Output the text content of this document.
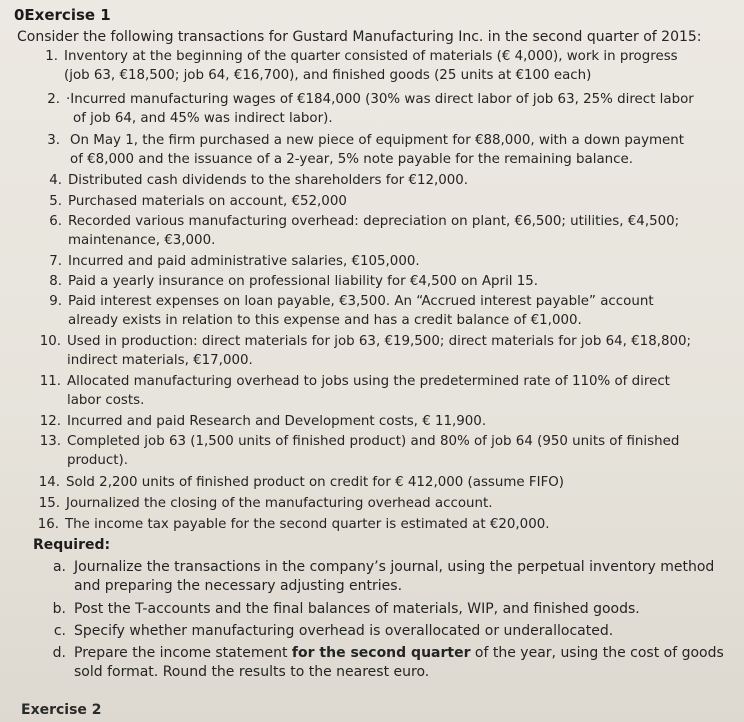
0Exercise 1
Consider the following transactions for Gustard Manufacturing Inc. in the second quarter of 2015:
1. Inventory at the beginning of the quarter consisted of materials (€ 4,000), work in progress
(job 63, €18,500; job 64, €16,700), and finished goods (25 units at €100 each)
2. ·Incurred manufacturing wages of €184,000 (30% was direct labor of job 63, 25% direct labor
of job 64, and 45% was indirect labor).
3. On May 1, the firm purchased a new piece of equipment for €88,000, with a down payment
of €8,000 and the issuance of a 2-year, 5% note payable for the remaining balance.
4. Distributed cash dividends to the shareholders for €12,000.
5. Purchased materials on account, €52,000
6. Recorded various manufacturing overhead: depreciation on plant, €6,500; utilities, €4,500;
maintenance, €3,000.
7. Incurred and paid administrative salaries, €105,000.
8. Paid a yearly insurance on professional liability for €4,500 on April 15.
9. Paid interest expenses on loan payable, €3,500. An “Accrued interest payable” account
already exists in relation to this expense and has a credit balance of €1,000.
10. Used in production: direct materials for job 63, €19,500; direct materials for job 64, €18,800;
indirect materials, €17,000.
11. Allocated manufacturing overhead to jobs using the predetermined rate of 110% of direct
labor costs.
12. Incurred and paid Research and Development costs, € 11,900.
13. Completed job 63 (1,500 units of finished product) and 80% of job 64 (950 units of finished
product).
14. Sold 2,200 units of finished product on credit for € 412,000 (assume FIFO)
15. Journalized the closing of the manufacturing overhead account.
16. The income tax payable for the second quarter is estimated at €20,000.
Required:
a. Journalize the transactions in the company’s journal, using the perpetual inventory method
and preparing the necessary adjusting entries.
b. Post the T-accounts and the final balances of materials, WIP, and finished goods.
c. Specify whether manufacturing overhead is overallocated or underallocated.
d. Prepare the income statement for the second quarter of the year, using the cost of goods
sold format. Round the results to the nearest euro.
Exercise 2
